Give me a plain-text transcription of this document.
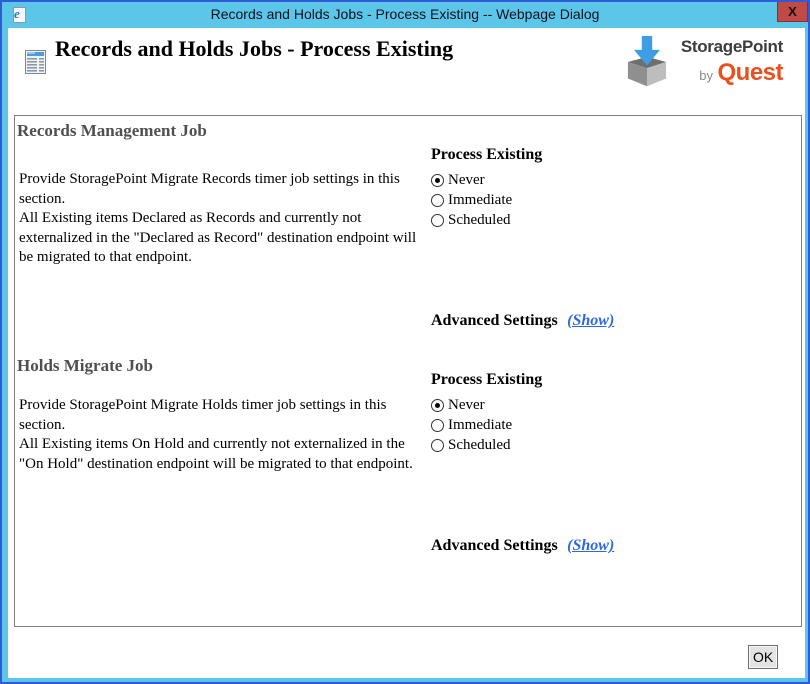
e	Records and Holds Jobs - Process Existing -- Webpage Dialog	X
Records and Holds Jobs - Process Existing	StoragePoint
by Quest
Records Management Job
Provide StoragePoint Migrate Records timer job settings in this section.
All Existing items Declared as Records and currently not externalized in the "Declared as Record" destination endpoint will be migrated to that endpoint.
Process Existing
Never
Immediate
Scheduled
Advanced Settings (Show)
Holds Migrate Job
Provide StoragePoint Migrate Holds timer job settings in this section.
All Existing items On Hold and currently not externalized in the "On Hold" destination endpoint will be migrated to that endpoint.
Process Existing
Never
Immediate
Scheduled
Advanced Settings (Show)
OK
